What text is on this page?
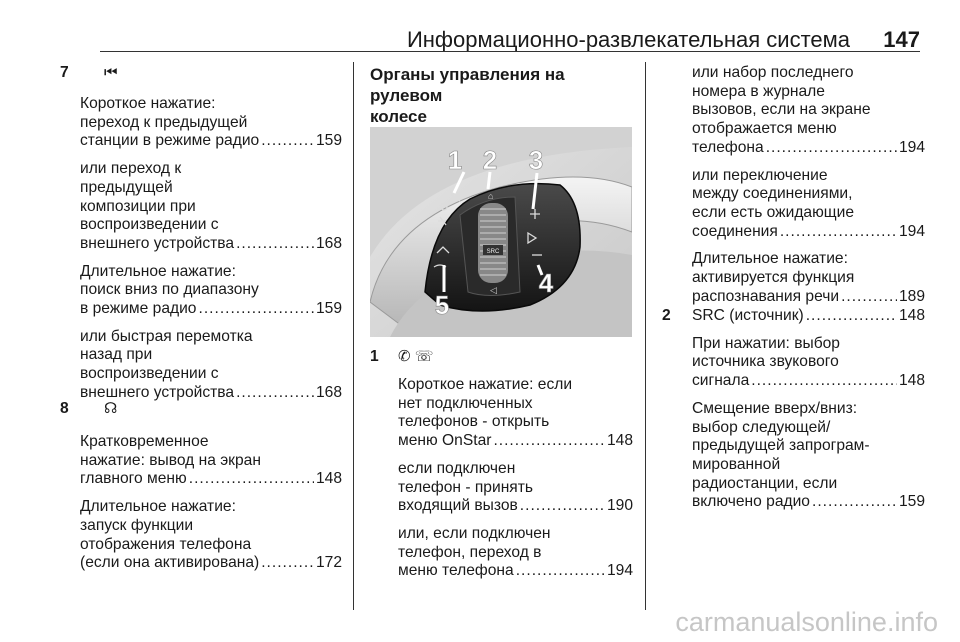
Информационно-развлекательная система 147
7 ⏮
Короткое нажатие:
переход к предыдущей
станции в режиме радио .....	159
или переход к
предыдущей
композиции при
воспроизведении с
внешнего устройства .....	168
Длительное нажатие:
поиск вниз по диапазону
в режиме радио .....	159
или быстрая перемотка
назад при
воспроизведении с
внешнего устройства .....	168
8 ☊
Кратковременное
нажатие: вывод на экран
главного меню .....	148
Длительное нажатие:
запуск функции
отображения телефона
(если она активирована) .....	172
Органы управления на рулевом
колесе
SRC
⌂
◁
1 2 3
4
5
1 ✆ ☏
Короткое нажатие: если
нет подключенных
телефонов - открыть
меню OnStar .....	148
если подключен
телефон - принять
входящий вызов .....	190
или, если подключен
телефон, переход в
меню телефона .....	194
или набор последнего
номера в журнале
вызовов, если на экране
отображается меню
телефона .....	194
или переключение
между соединениями,
если есть ожидающие
соединения .....	194
Длительное нажатие:
активируется функция
распознавания речи .....	189
2 SRC (источник) .....	148
При нажатии: выбор
источника звукового
сигнала .....	148
Смещение вверх/вниз:
выбор следующей/
предыдущей запрограм-
мированной
радиостанции, если
включено радио .....	159
carmanualsonline.info
